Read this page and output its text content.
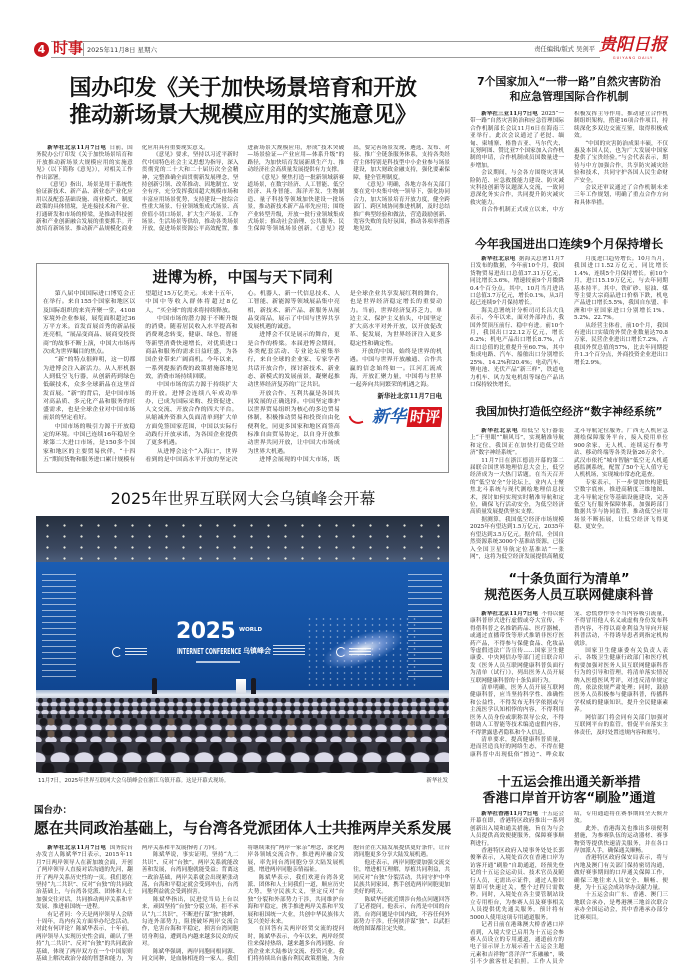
4 时事 2025年11月8日 星期六	责任编辑/版式 吴剑平 贵阳日报
GUIYANG DAILY
国办印发《关于加快场景培育和开放
推动新场景大规模应用的实施意见》

新华社北京11月7日电 日前，国务院办公厅印发《关于加快场景培育和开放推动新场景大规模应用的实施意见》（以下简称《意见》），对相关工作作出部署。

《意见》指出，场景是用于系统性验证新技术、新产品、新业态产业化应用以及配套基础设施、商业模式、制度政策的具体情境，是连接技术和产业、打通研发和市场的桥梁，是推动科技创新和产业创新融合发展的重要抓手。开放培育新场景、推动新产品规模化商业化应用具有重要现实意义。

《意见》要求，坚持以习近平新时代中国特色社会主义思想为指导，深入贯彻党的二十大和二十届历次全会精神，完整准确全面贯彻新发展理念，坚持创新引领、改革推动、因地制宜、安全有序，充分发挥我国超大规模市场和丰富应用场景优势，支持建设一批综合性重大场景、行业领域集成式场景、高价值小切口场景，扩大生产场景、工作场景、生活场景等供给，推动各类场景开放，促进场景资源公平高效配置，推进新场景大规模应用，形成“技术突破—场景验证—产业应用—体系升级”的路径，为加快培育发展新质生产力、推动经济社会高质量发展提供有力支撑。

《意见》聚焦打造一批新领域新赛道场景，在数字经济、人工智能、低空经济、具身智能、海洋开发、生物制造、量子科技等领域加快建设一批场景，推动新技术新产品率先应用；围绕产业转型升级，开放一批行业领域集成式场景；推动社会治理、公共服务、民生保障等领域场景创新。《意见》提出，要完善场景发现、遴选、发布、对接、推广全链条服务体系，支持各类经营主体特别是科技型中小企业参与场景建设，加大财政金融支持，强化要素保障，健全管理制度。

《意见》明确，各地方各有关部门要在党中央集中统一领导下，强化协同合力，加大场景培育开放力度，健全跨部门、跨区域协同推进机制，及时总结推广典型经验和做法，营造鼓励创新、宽容失败的良好氛围，推动各项举措落地见效。

进博为桥，中国与天下同利

第八届中国国际进口博览会正在举行。来自155个国家和地区以及国际组织的来宾齐聚一堂，4108家境外企业参展，展览面积超过36万平方米。首发首展首秀的新品接连亮相，“展品变商品、展商变投资商”的故事不断上演，中国大市场再次成为世界瞩目的焦点。

“新”的特点很鲜明，这一切都为进博会注入新活力。从人形机器人到低空飞行器，从创新药到绿色低碳技术，众多全球新品在这里首发首展。“新”的背后，是中国市场对高品质、多元化产品和服务的旺盛需求，也是全球企业对中国市场前景的坚定看好。

中国市场的吸引力源于开放稳定的环境。中国已连续16年稳居全球第二大进口市场，是150多个国家和地区的主要贸易伙伴，“十四五”期间货物和服务进口累计规模有望超过15万亿美元。未来十五年，中国中等收入群体将超过8亿人，“买全球”的需求将持续释放。

中国市场的潜力源于不断升级的消费。随着居民收入水平提高和消费观念转变，健康、绿色、智能等新型消费快速增长，对优质进口商品和服务的需求日益旺盛，为各国企业带来广阔商机。今年以来，一系列提振消费的政策措施落地见效，消费市场持续回暖。

中国市场的活力源于持续扩大的开放。进博会连续八年成功举办，已成为国际采购、投资促进、人文交流、开放合作的四大平台。从缩减外资准入负面清单到扩大单方面免签国家范围，中国以实际行动践行开放承诺，为各国企业提供了更多机遇。

从进博会这个“入海口”，世界看到的是中国高水平开放的坚定决心。机器人、新一代信息技术、人工智能、新能源等领域展品集中亮相，新技术、新产品、新服务从展品变商品，展示了中国与世界共享发展机遇的诚意。

进博会不仅是展示的舞台，更是合作的桥梁。本届进博会期间，各类配套活动、专业论坛密集举行，来自全球的企业家、专家学者共话开放合作，探讨新技术、新业态、新模式的发展前景，凝聚起推动世界经济复苏的广泛共识。

开放合作、互利共赢是各国共同发展的正确选择。中国坚定维护以世界贸易组织为核心的多边贸易体制，积极推动贸易和投资自由化便利化，同更多国家和地区商签高标准自由贸易协定，以自身开放推动世界共同开放，让中国大市场成为世界大机遇。

进博会展现的中国大市场，既是全球企业共享发展红利的舞台，也是世界经济稳定增长的重要动力。当前，世界经济复苏乏力，单边主义、保护主义抬头，中国坚定扩大高水平对外开放，以开放促改革、促发展，为世界经济注入更多稳定性和确定性。

开放的中国，始终是世界的机遇。中国与世界开放融通、合作共赢的信念始终如一。江河汇流成海，开放汇聚力量，中国将与世界一起奔向共同繁荣的机遇之海。

新华社北京11月7日电

新华 时评
2025年世界互联网大会乌镇峰会开幕
2025 WORLD
INTERNET CONFERENCE 乌镇峰会
11月7日，2025年世界互联网大会乌镇峰会在浙江乌镇开幕。这是开幕式现场。	新华社发
国台办：
愿在共同政治基础上，与台湾各党派团体人士共推两岸关系发展

新华社北京11月7日电 国务院台办发言人陈斌华7日表示，2015年11月7日两岸领导人在新加坡会面，开创了两岸领导人直接对话沟通的先河，翻开了两岸关系历史性的一页。我们愿在坚持“九二共识”、反对“台独”的共同政治基础上，与台湾各党派、团体和人士加强交往对话，共同推动两岸关系和平发展、推进祖国统一进程。

有记者问：今天是两岸领导人会晤十周年，岛内有关方面举办纪念活动。对此有何评论？陈斌华表示，十年前，两岸领导人实现历史性会面，确认了坚持“九二共识”、反对“台独”的共同政治基础，体现了两岸双方在一个中国原则基础上解决政治分歧的智慧和能力，为两岸关系和平发展指明了方向。

陈斌华说，事实证明，坚持“九二共识”、反对“台独”，两岸关系就能改善和发展，台湾同胞就能受益；背离这一政治基础，两岸关系就会出现紧张动荡，台海和平稳定就会受到冲击，台湾同胞利益就会受到损害。

陈斌华指出，民进党当局上台以来，顽固坚持“台独”分裂立场，拒不承认“九二共识”，不断进行谋“独”挑衅，勾连外部势力，阻挠破坏两岸交流合作，危害台海和平稳定，损害台湾同胞切身利益，遭到岛内越来越多民众的反对。

陈斌华强调，两岸同胞同根同源、同文同种，是血脉相连的一家人。我们将继续秉持“两岸一家亲”理念，深化两岸各领域交流合作，推进两岸融合发展，率先同台湾同胞分享大陆发展机遇，增进两岸同胞亲情福祉。

陈斌华表示，我们欢迎台湾各党派、团体和人士同我们一道，顺应历史大势，坚守民族大义，坚定反对“台独”分裂和外部势力干涉，共同维护台海和平稳定，携手推进两岸关系和平发展和祖国统一大业，共创中华民族伟大复兴美好未来。

在回答有关两岸经贸交流的提问时，陈斌华表示，今年以来，两岸经贸往来保持热络，越来越多台湾同胞、台湾企业来大陆参访交流、投资兴业。我们将持续出台惠台利民政策措施，为台胞台企在大陆发展提供更好条件，让台湾同胞更多分享大陆发展机遇。

他还表示，两岸同胞要加强交流交往，增进相互理解，厚植共同利益，共同反对“台独”分裂活动，共同守护中华民族共同家园，携手创造两岸同胞更加美好的明天。

陈斌华还就近期涉台热点问题回答了记者提问。他表示，台湾是中国的台湾，台湾问题是中国内政，不容任何外部势力干涉。任何挟洋谋“独”、以武拒统的图谋都注定失败。

7个国家加入“一带一路”自然灾害防治
和应急管理国际合作机制

新华社三亚11月7日电 2025“一带一路”自然灾害防治和应急管理国际合作机制部长会议11月6日在海南三亚举行。此次会议通过了老挝、缅甸、柬埔寨、格鲁吉亚、马尔代夫、瓦努阿图、赞比亚7个国家加入合作机制的申请，合作机制成员国数量进一步增加。

会议期间，与会各方围绕灾害风险防范、应急救援能力建设、防灾减灾科技创新等议题深入交流，一致同意深化务实合作，共同提升防灾减灾救灾能力。

自合作机制正式成立以来，中方积极发挥主导作用，推动建立合作机制组织架构，搭建16项合作项目，持续深化多双边交流互鉴，取得积极成效。

“中国的灾害防治成果丰硕，不仅惠及本国人民，也为广大发展中国家提供了宝贵经验。”与会代表表示，期待与中方加强合作，共享防灾减灾经验和技术，共同守护各国人民生命财产安全。

会议还审议通过了合作机制未来三年工作规划，明确了重点合作方向和具体举措。

今年我国进出口连续9个月保持增长

新华社北京电 据海关总署11月7日发布的数据，今年前10个月，我国货物贸易进出口总值37.31万亿元，同比增长3.6%，增速较前9个月微降0.4个百分点。其中，10月当月进出口总值3.7万亿元，增长0.1%，从3月起已连续9个月保持增长。

海关总署统计分析司司长吕大良表示，今年以来，面对外部冲击，我国外贸顶压前行、稳中有进。前10个月，我国出口22.12万亿元，增长6.2%；机电产品出口增长8.7%，占出口总值的比重提升至60.7%，其中集成电路、汽车、船舶出口分别增长25%、14.2%和20.4%；电动汽车、锂电池、光伏产品“新三样”，铁道电力机车、风力发电机组等绿色产品出口保持较快增长。

月度进口趋势增长。10月当月，我国进口1.52万亿元，同比增长1.4%，连续5个月保持增长。前10个月，进口15.19万亿元，与去年同期基本持平。其中，铁矿砂、原油、煤等主要大宗商品进口价格下跌，机电产品进口增长5.5%，我国自东盟、非洲和中亚国家进口分别增长1%、5.2%、22.7%。

从经营主体看，前10个月，我国有进出口实绩的外贸企业数量达70.8万家，民营企业进出口增长7.2%，占我国外贸总值的57%，比去年同期提升1.3个百分点，外商投资企业进出口增长2.9%。

我国加快打造低空经济“数字神经系统”

新华社北京电 给低空飞行器装上“千里眼”“顺风耳”，实现精准导航和定位，我国正在加快打造低空经济“数字神经系统”。

11月7日在浙江德清开幕的第二届联合国世界地理信息大会上，低空经济成为一大热门话题。在当天召开的“低空安全”分论坛上，业内人士聚焦北斗系统与现代测绘地理信息技术，探讨如何实现实时精准导航和定位，确保飞行活动安全，为低空经济高质量发展提供坚实支撑。

据测算，我国低空经济市场规模2025年有望达到1.5万亿元，2035年有望达到3.5万亿元。据介绍，全国自然资源系统3000个基准站资源，已接入全国卫星导航定位基准站“一张网”，这将为低空经济发展提供高精度北斗导航定位服务。广西无人机应急测绘保障服务平台，接入使用单位900余家，无人机、连续运行参考站、移动终端等各类设备26万余个。武汉市依托“城市智脑”低空无人机遥感监测系统，配置了50个无人值守无人机机场，实现城市常态化巡查。

专家表示，下一步要加快构建低空数字底座，推进高精度三维地图、北斗导航定位等基础设施建设，完善低空飞行服务保障体系，加强跨部门数据共享与协同监管，推动低空应用场景不断拓展，让低空经济飞得更稳、更安全。

“十条负面行为清单”
规范医务人员互联网健康科普

新华社北京11月7日电 不得以健康科普形式进行虚假或夸大宣传，不得借科普之名推销药品、医疗器械，或通过直播带货等形式推销非医疗医药产品，不得参与保健食品、化妆品等虚假违法广告宣传……国家卫生健康委、中央网信办等部门近日联合印发《医务人员互联网健康科普负面行为清单（试行）》，列出医务人员开展互联网健康科普的十条负面行为。

清单明确，医务人员开展互联网健康科普，应当坚持科学性、准确性和公益性，不得发布无科学依据或与主流医学认知相悖的内容，不得利用医务人员身份或职称误导公众，不得借助人工智能等技术编造虚假内容，不得泄露患者隐私和个人信息。

清单要求，提高健康科普质量，进而营造良好的网络生态，不得在健康科普中出现低俗“擦边”、哗众取宠、恐慌炒作等不当内容吸引流量，不得冒用他人名义或虚构身份发布科普内容，不得以商业利益为导向开展科普活动，不得诱导患者到指定机构就诊。

国家卫生健康委有关负责人表示，各级卫生健康行政部门和医疗机构要加强对医务人员互联网健康科普行为的引导和管理，将清单落实情况纳入医德医风考评，对违反清单规定的，依法依规严肃处理；同时，鼓励医务人员积极参与健康科普，传播科学权威的健康知识，提升全民健康素养。

网信部门将会同有关部门加强对互联网平台的监管，督促平台落实主体责任，及时处置违规内容和账号。

十五运会推出通关新举措
香港口岸首开访客“刷脸”通道

新华社香港11月7日电 十五运会开幕在即，香港特区政府推出一系列创新出入境和通关措施，旨在为与会人员提供高效便捷服务，保障赛事顺利进行。

香港特区政府入境事务处处长郭俊峯表示，入境处首次在香港口岸为访客开通“刷脸”自助通道，经预先登记的十五运会运动员、技术官员及随行人员，无需出示证件，通过人脸识别即可快速过关，整个过程只需数秒。同时，入境处在各主要管制站设立专用柜台，为参赛人员及赛事相关人员提供优先通关服务，预计将有5000人使用这项专用通道服务。

记者日前在港珠澳大桥香港口岸看到，入境大堂已启用为十五运会参赛人员设立的专用通道，通道前方的电子显示屏上方展示着十五运会主题元素和吉祥物“喜洋洋”“乐融融”，吸引不少旅客驻足拍照。工作人员介绍，专用通道将在赛事期间全天候开放。

此外，香港海关也推出多项便利措施，为参赛队伍的运动器材、赛事物资等提供快速清关服务，并在各口岸加派人手，确保通关顺畅。

香港特区政府保安局表示，将与内地及澳门有关部门保持密切沟通，做好赛事期间的口岸通关保障工作，确保三地往来人员安全、顺畅、便捷，为十五运会成功举办贡献力量。

十五运会由广东、香港、澳门三地联合承办，是粤港澳三地首次联合承办全国运动会，其中香港承办部分比赛项目。
